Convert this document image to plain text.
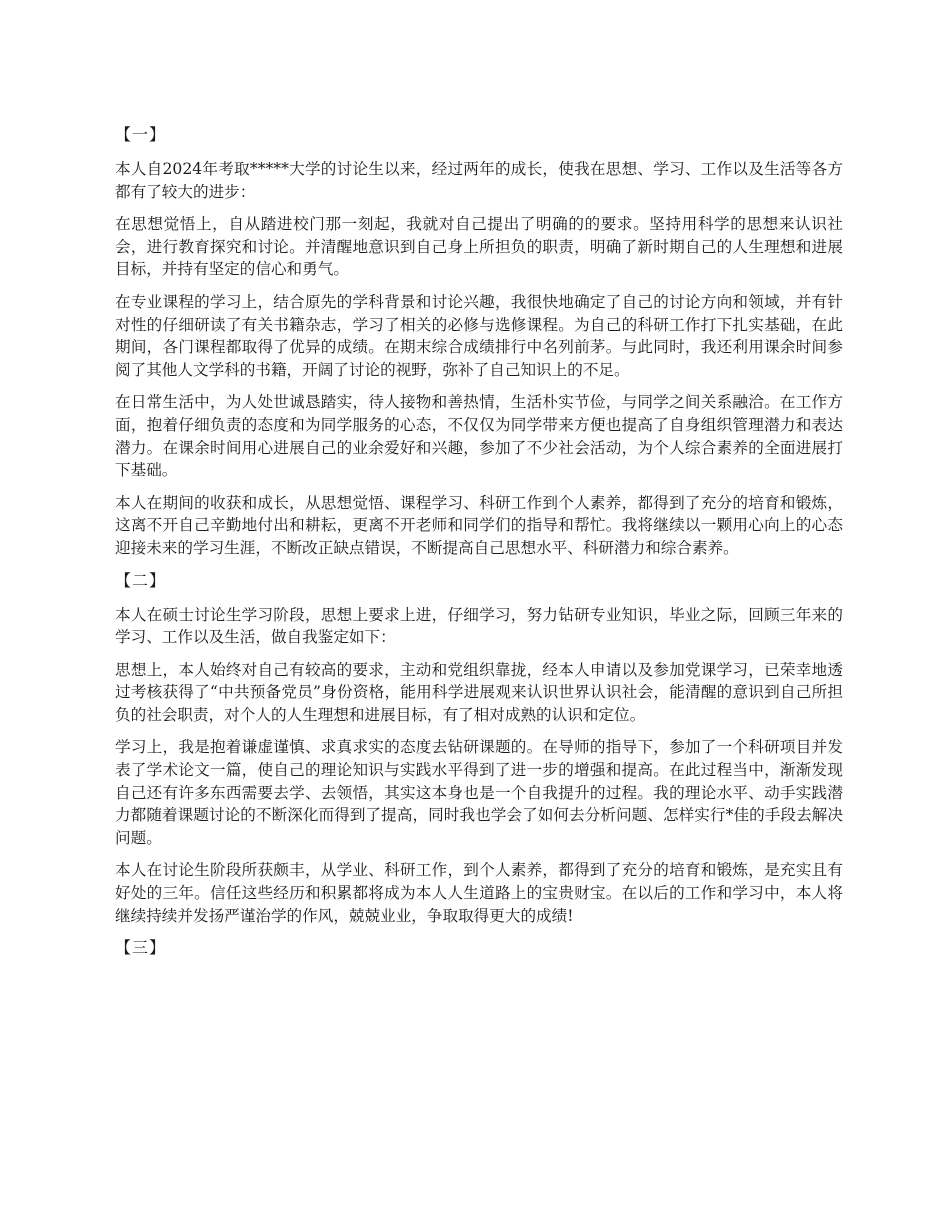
【一】

本人自2024年考取*****大学的讨论生以来，经过两年的成长，使我在思想、学习、工作以及生活等各方都有了较大的进步：

在思想觉悟上，自从踏进校门那一刻起，我就对自己提出了明确的的要求。坚持用科学的思想来认识社会，进行教育探究和讨论。并清醒地意识到自己身上所担负的职责，明确了新时期自己的人生理想和进展目标，并持有坚定的信心和勇气。

在专业课程的学习上，结合原先的学科背景和讨论兴趣，我很快地确定了自己的讨论方向和领域，并有针对性的仔细研读了有关书籍杂志，学习了相关的必修与选修课程。为自己的科研工作打下扎实基础，在此期间，各门课程都取得了优异的成绩。在期末综合成绩排行中名列前茅。与此同时，我还利用课余时间参阅了其他人文学科的书籍，开阔了讨论的视野，弥补了自己知识上的不足。

在日常生活中，为人处世诚恳踏实，待人接物和善热情，生活朴实节俭，与同学之间关系融洽。在工作方面，抱着仔细负责的态度和为同学服务的心态，不仅仅为同学带来方便也提高了自身组织管理潜力和表达潜力。在课余时间用心进展自己的业余爱好和兴趣，参加了不少社会活动，为个人综合素养的全面进展打下基础。

本人在期间的收获和成长，从思想觉悟、课程学习、科研工作到个人素养，都得到了充分的培育和锻炼，这离不开自己辛勤地付出和耕耘，更离不开老师和同学们的指导和帮忙。我将继续以一颗用心向上的心态迎接未来的学习生涯，不断改正缺点错误，不断提高自己思想水平、科研潜力和综合素养。

【二】

本人在硕士讨论生学习阶段，思想上要求上进，仔细学习，努力钻研专业知识，毕业之际，回顾三年来的学习、工作以及生活，做自我鉴定如下：

思想上，本人始终对自己有较高的要求，主动和党组织靠拢，经本人申请以及参加党课学习，已荣幸地透过考核获得了“中共预备党员”身份资格，能用科学进展观来认识世界认识社会，能清醒的意识到自己所担负的社会职责，对个人的人生理想和进展目标，有了相对成熟的认识和定位。

学习上，我是抱着谦虚谨慎、求真求实的态度去钻研课题的。在导师的指导下，参加了一个科研项目并发表了学术论文一篇，使自己的理论知识与实践水平得到了进一步的增强和提高。在此过程当中，渐渐发现自己还有许多东西需要去学、去领悟，其实这本身也是一个自我提升的过程。我的理论水平、动手实践潜力都随着课题讨论的不断深化而得到了提高，同时我也学会了如何去分析问题、怎样实行*佳的手段去解决问题。

本人在讨论生阶段所获颇丰，从学业、科研工作，到个人素养，都得到了充分的培育和锻炼，是充实且有好处的三年。信任这些经历和积累都将成为本人人生道路上的宝贵财宝。在以后的工作和学习中，本人将继续持续并发扬严谨治学的作风，兢兢业业，争取取得更大的成绩!

【三】
